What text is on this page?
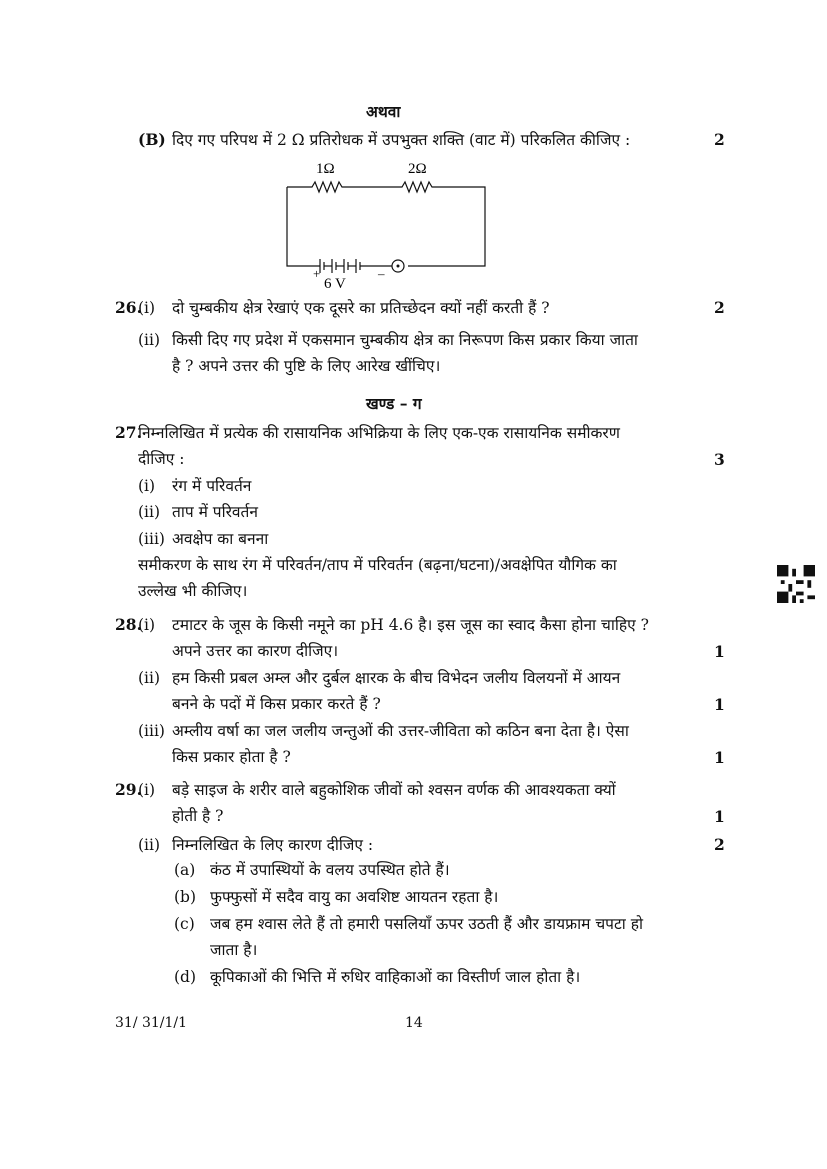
अथवा
(B) दिए गए परिपथ में 2 Ω प्रतिरोधक में उपभुक्त शक्ति (वाट में) परिकलित कीजिए :	2
1Ω	2Ω
+	–
6 V
26.
(i) दो चुम्बकीय क्षेत्र रेखाएं एक दूसरे का प्रतिच्छेदन क्यों नहीं करती हैं ?	2
(ii) किसी दिए गए प्रदेश में एकसमान चुम्बकीय क्षेत्र का निरूपण किस प्रकार किया जाता
है ? अपने उत्तर की पुष्टि के लिए आरेख खींचिए।
खण्ड – ग
27.
निम्नलिखित में प्रत्येक की रासायनिक अभिक्रिया के लिए एक-एक रासायनिक समीकरण
दीजिए :	3
(i) रंग में परिवर्तन
(ii) ताप में परिवर्तन
(iii) अवक्षेप का बनना
समीकरण के साथ रंग में परिवर्तन/ताप में परिवर्तन (बढ़ना/घटना)/अवक्षेपित यौगिक का
उल्लेख भी कीजिए।
28.
(i) टमाटर के जूस के किसी नमूने का pH 4.6 है। इस जूस का स्वाद कैसा होना चाहिए ?
अपने उत्तर का कारण दीजिए।	1
(ii) हम किसी प्रबल अम्ल और दुर्बल क्षारक के बीच विभेदन जलीय विलयनों में आयन
बनने के पदों में किस प्रकार करते हैं ?	1
(iii) अम्लीय वर्षा का जल जलीय जन्तुओं की उत्तर-जीविता को कठिन बना देता है। ऐसा
किस प्रकार होता है ?	1
29.
(i) बड़े साइज के शरीर वाले बहुकोशिक जीवों को श्वसन वर्णक की आवश्यकता क्यों
होती है ?	1
(ii) निम्नलिखित के लिए कारण दीजिए :	2
(a) कंठ में उपास्थियों के वलय उपस्थित होते हैं।
(b) फुफ्फुसों में सदैव वायु का अवशिष्ट आयतन रहता है।
(c) जब हम श्वास लेते हैं तो हमारी पसलियाँ ऊपर उठती हैं और डायफ्राम चपटा हो
जाता है।
(d) कूपिकाओं की भित्ति में रुधिर वाहिकाओं का विस्तीर्ण जाल होता है।
31/ 31/1/1	14
